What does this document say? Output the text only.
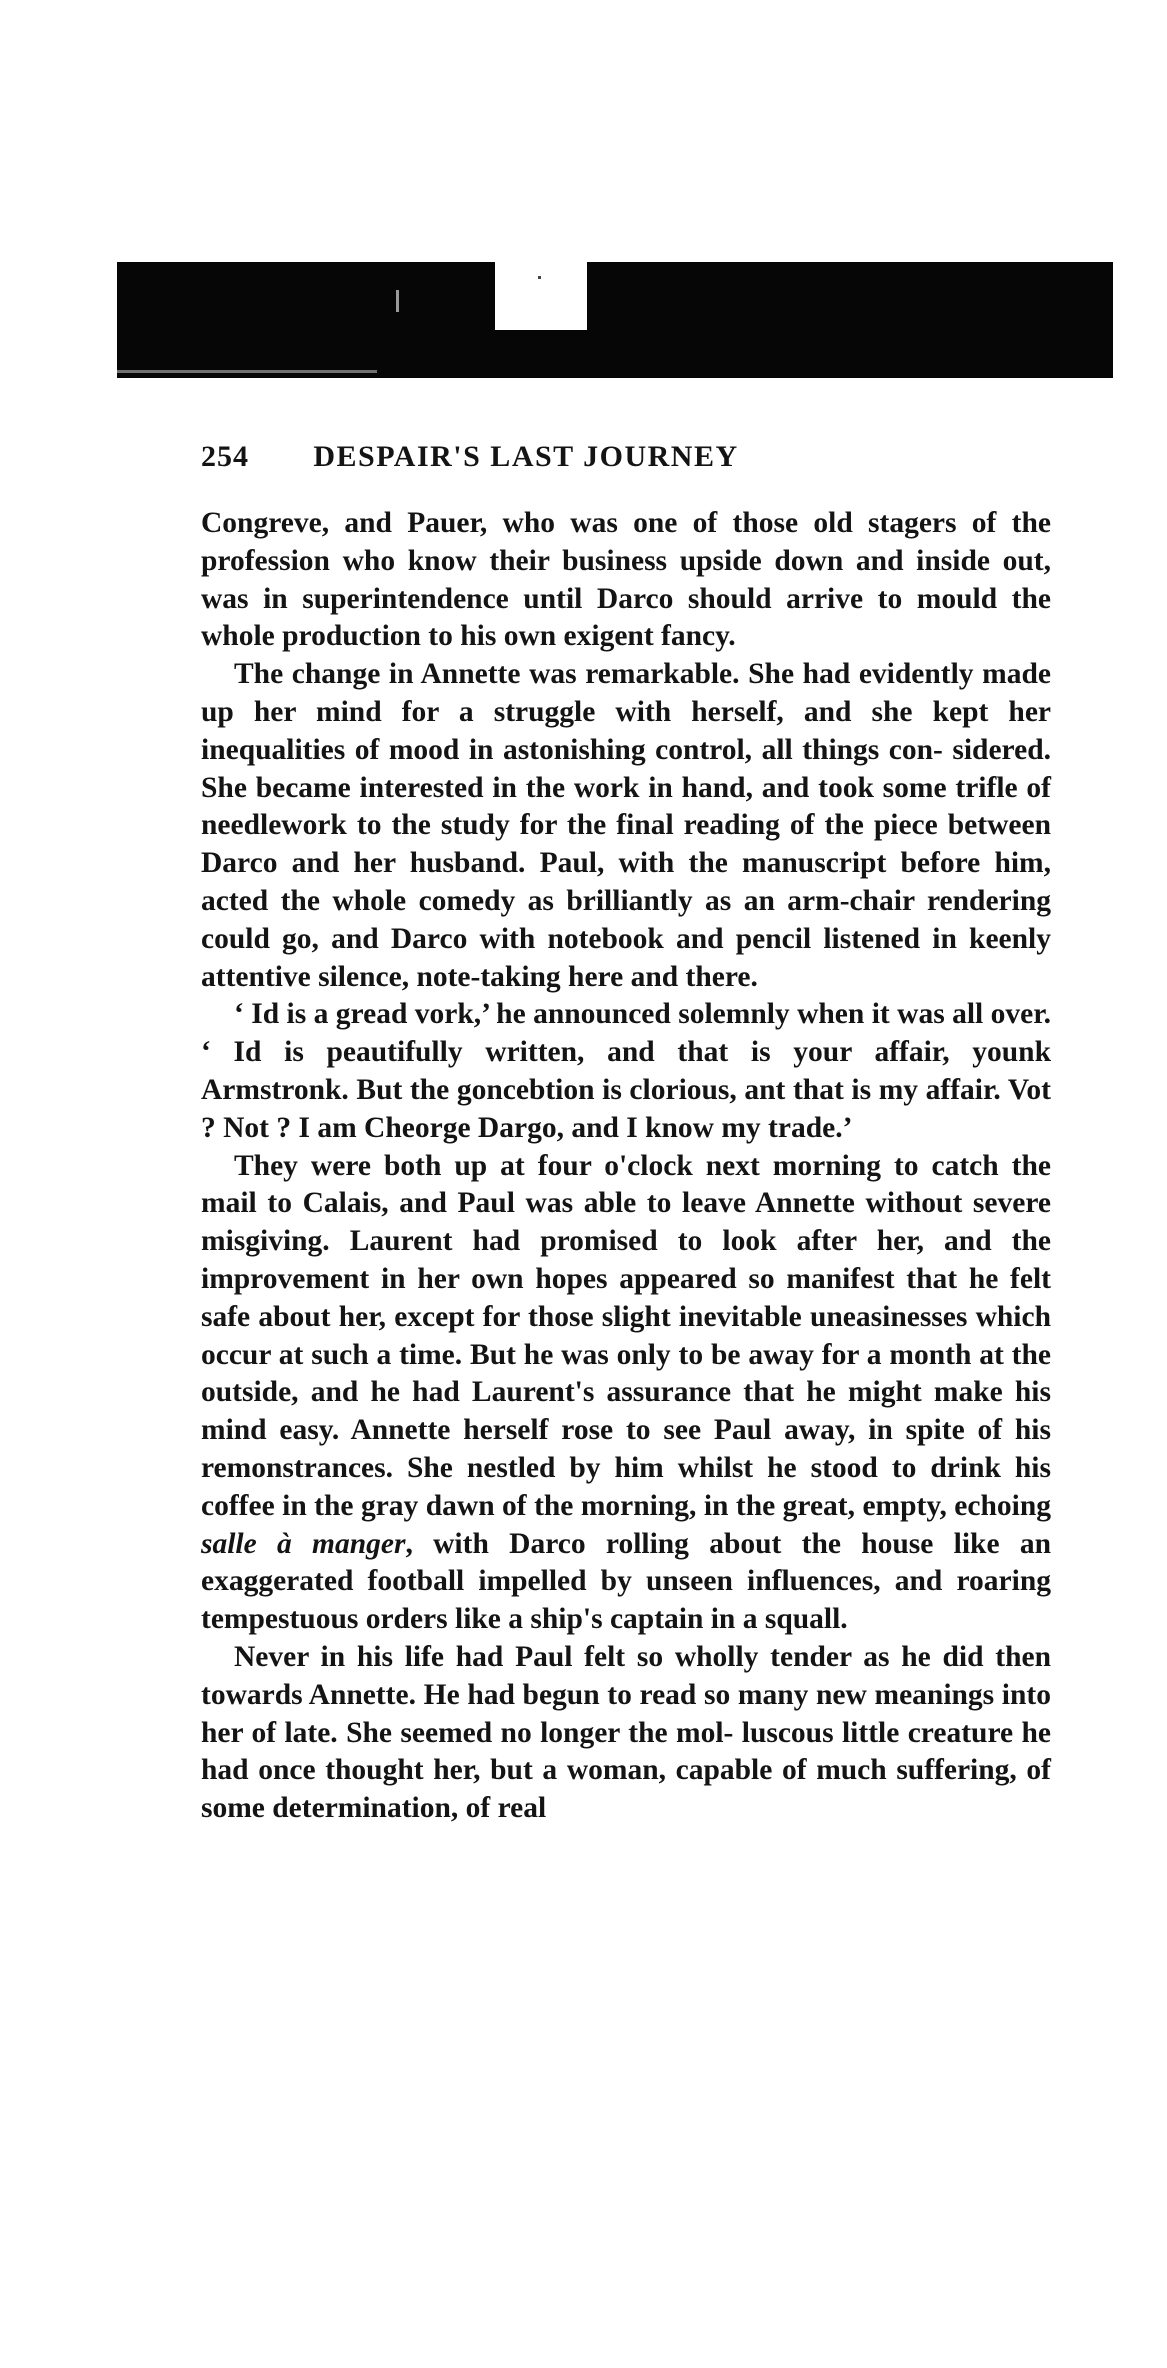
254	DESPAIR'S LAST JOURNEY

Congreve, and Pauer, who was one of those old stagers of the profession who know their business upside down and inside out, was in superintendence until Darco should arrive to mould the whole production to his own exigent fancy.

The change in Annette was remarkable. She had evidently made up her mind for a struggle with herself, and she kept her inequalities of mood in astonishing control, all things con- sidered. She became interested in the work in hand, and took some trifle of needlework to the study for the final reading of the piece between Darco and her husband. Paul, with the manuscript before him, acted the whole comedy as brilliantly as an arm-chair rendering could go, and Darco with notebook and pencil listened in keenly attentive silence, note-taking here and there.

‘ Id is a gread vork,’ he announced solemnly when it was all over. ‘ Id is peautifully written, and that is your affair, younk Armstronk. But the goncebtion is clorious, ant that is my affair. Vot ? Not ? I am Cheorge Dargo, and I know my trade.’

They were both up at four o'clock next morning to catch the mail to Calais, and Paul was able to leave Annette without severe misgiving. Laurent had promised to look after her, and the improvement in her own hopes appeared so manifest that he felt safe about her, except for those slight inevitable uneasinesses which occur at such a time. But he was only to be away for a month at the outside, and he had Laurent's assurance that he might make his mind easy. Annette herself rose to see Paul away, in spite of his remonstrances. She nestled by him whilst he stood to drink his coffee in the gray dawn of the morning, in the great, empty, echoing salle à manger, with Darco rolling about the house like an exaggerated football impelled by unseen influences, and roaring tempestuous orders like a ship's captain in a squall.

Never in his life had Paul felt so wholly tender as he did then towards Annette. He had begun to read so many new meanings into her of late. She seemed no longer the mol- luscous little creature he had once thought her, but a woman, capable of much suffering, of some determination, of real
